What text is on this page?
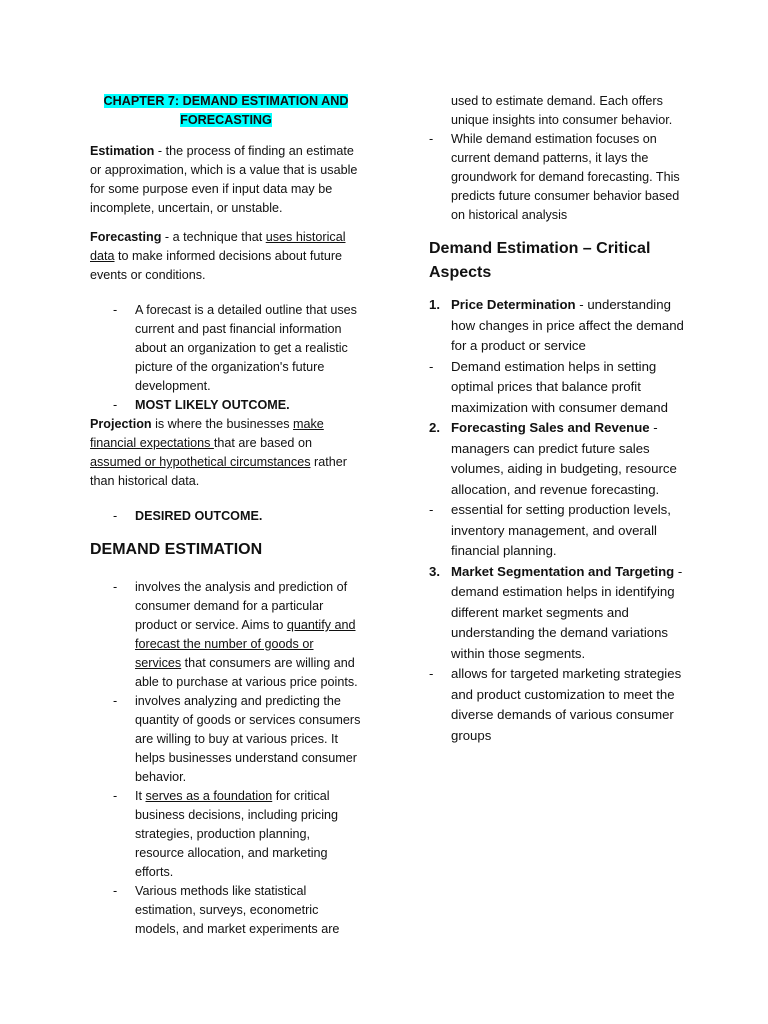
CHAPTER 7: DEMAND ESTIMATION AND
FORECASTING

Estimation - the process of finding an estimate or approximation, which is a value that is usable for some purpose even if input data may be incomplete, uncertain, or unstable.

Forecasting - a technique that uses historical data to make informed decisions about future events or conditions.

- A forecast is a detailed outline that uses current and past financial information about an organization to get a realistic picture of the organization's future development.
- MOST LIKELY OUTCOME.

Projection is where the businesses make financial expectations that are based on assumed or hypothetical circumstances rather than historical data.

- DESIRED OUTCOME.
DEMAND ESTIMATION
- involves the analysis and prediction of consumer demand for a particular product or service. Aims to quantify and forecast the number of goods or services that consumers are willing and able to purchase at various price points.
- involves analyzing and predicting the quantity of goods or services consumers are willing to buy at various prices. It helps businesses understand consumer behavior.
- It serves as a foundation for critical business decisions, including pricing strategies, production planning, resource allocation, and marketing efforts.
- Various methods like statistical estimation, surveys, econometric models, and market experiments are

used to estimate demand. Each offers unique insights into consumer behavior.

- While demand estimation focuses on current demand patterns, it lays the groundwork for demand forecasting. This predicts future consumer behavior based on historical analysis
Demand Estimation – Critical Aspects
1. Price Determination - understanding how changes in price affect the demand for a product or service
- Demand estimation helps in setting optimal prices that balance profit maximization with consumer demand
2. Forecasting Sales and Revenue - managers can predict future sales volumes, aiding in budgeting, resource allocation, and revenue forecasting.
- essential for setting production levels, inventory management, and overall financial planning.
3. Market Segmentation and Targeting - demand estimation helps in identifying different market segments and understanding the demand variations within those segments.
- allows for targeted marketing strategies and product customization to meet the diverse demands of various consumer groups
